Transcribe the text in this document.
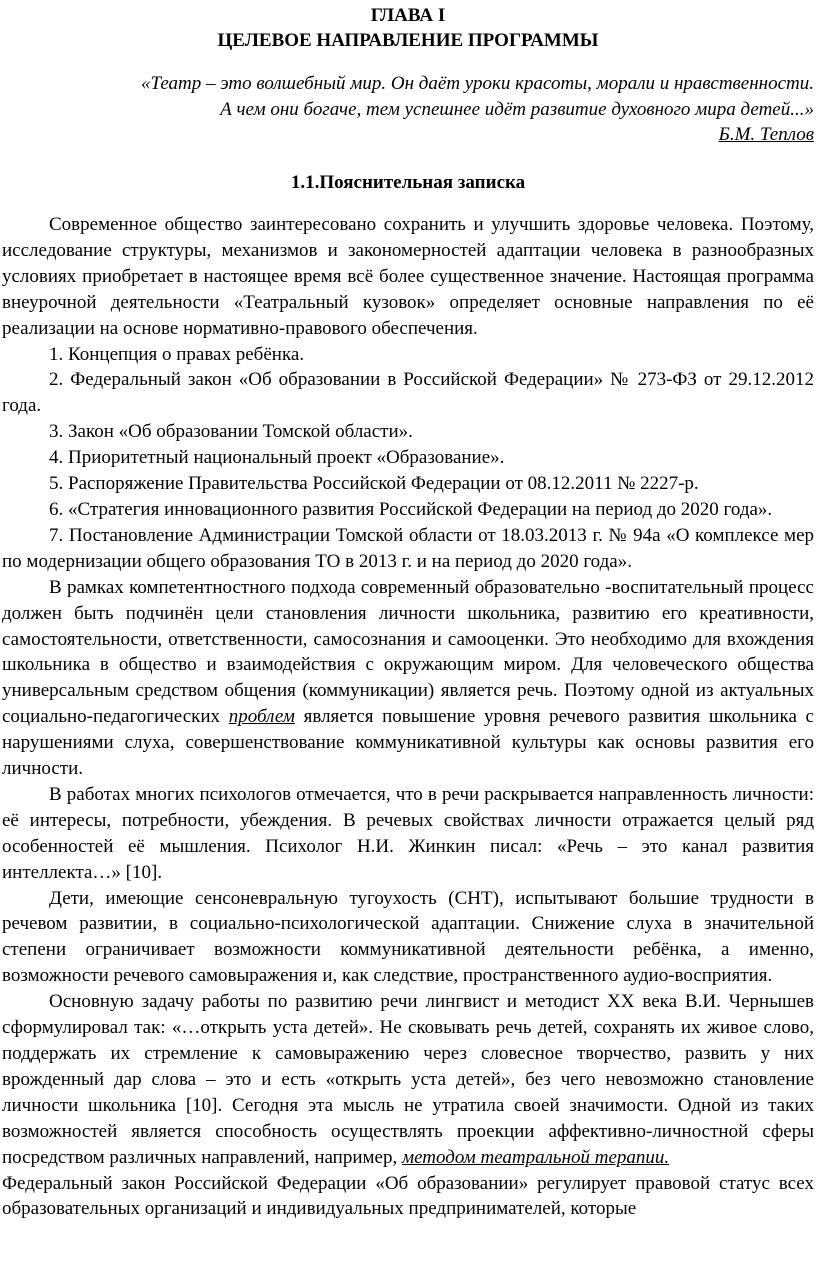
ГЛАВА I
ЦЕЛЕВОЕ НАПРАВЛЕНИЕ ПРОГРАММЫ
«Театр – это волшебный мир. Он даёт уроки красоты, морали и нравственности.
А чем они богаче, тем успешнее идёт развитие духовного мира детей...»
Б.М. Теплов
1.1.Пояснительная записка

Современное общество заинтересовано сохранить и улучшить здоровье человека. Поэтому, исследование структуры, механизмов и закономерностей адаптации человека в разнообразных условиях приобретает в настоящее время всё более существенное значение. Настоящая программа внеурочной деятельности «Театральный кузовок» определяет основные направления по её реализации на основе нормативно-правового обеспечения.

1. Концепция о правах ребёнка.

2. Федеральный закон «Об образовании в Российской Федерации» № 273-ФЗ от 29.12.2012 года.

3. Закон «Об образовании Томской области».

4. Приоритетный национальный проект «Образование».

5. Распоряжение Правительства Российской Федерации от 08.12.2011 № 2227-р.

6. «Стратегия инновационного развития Российской Федерации на период до 2020 года».

7. Постановление Администрации Томской области от 18.03.2013 г. № 94а «О комплексе мер по модернизации общего образования ТО в 2013 г. и на период до 2020 года».

В рамках компетентностного подхода современный образовательно -воспитательный процесс должен быть подчинён цели становления личности школьника, развитию его креативности, самостоятельности, ответственности, самосознания и самооценки. Это необходимо для вхождения школьника в общество и взаимодействия с окружающим миром. Для человеческого общества универсальным средством общения (коммуникации) является речь. Поэтому одной из актуальных социально-педагогических проблем является повышение уровня речевого развития школьника с нарушениями слуха, совершенствование коммуникативной культуры как основы развития его личности.

В работах многих психологов отмечается, что в речи раскрывается направленность личности: её интересы, потребности, убеждения. В речевых свойствах личности отражается целый ряд особенностей её мышления. Психолог Н.И. Жинкин писал: «Речь – это канал развития интеллекта…» [10].

Дети, имеющие сенсоневральную тугоухость (СНТ), испытывают большие трудности в речевом развитии, в социально-психологической адаптации. Снижение слуха в значительной степени ограничивает возможности коммуникативной деятельности ребёнка, а именно, возможности речевого самовыражения и, как следствие, пространственного аудио-восприятия.

Основную задачу работы по развитию речи лингвист и методист XX века В.И. Чернышев сформулировал так: «…открыть уста детей». Не сковывать речь детей, сохранять их живое слово, поддержать их стремление к самовыражению через словесное творчество, развить у них врожденный дар слова – это и есть «открыть уста детей», без чего невозможно становление личности школьника [10]. Сегодня эта мысль не утратила своей значимости. Одной из таких возможностей является способность осуществлять проекции аффективно-личностной сферы посредством различных направлений, например, методом театральной терапии.

Федеральный закон Российской Федерации «Об образовании» регулирует правовой статус всех образовательных организаций и индивидуальных предпринимателей, которые
